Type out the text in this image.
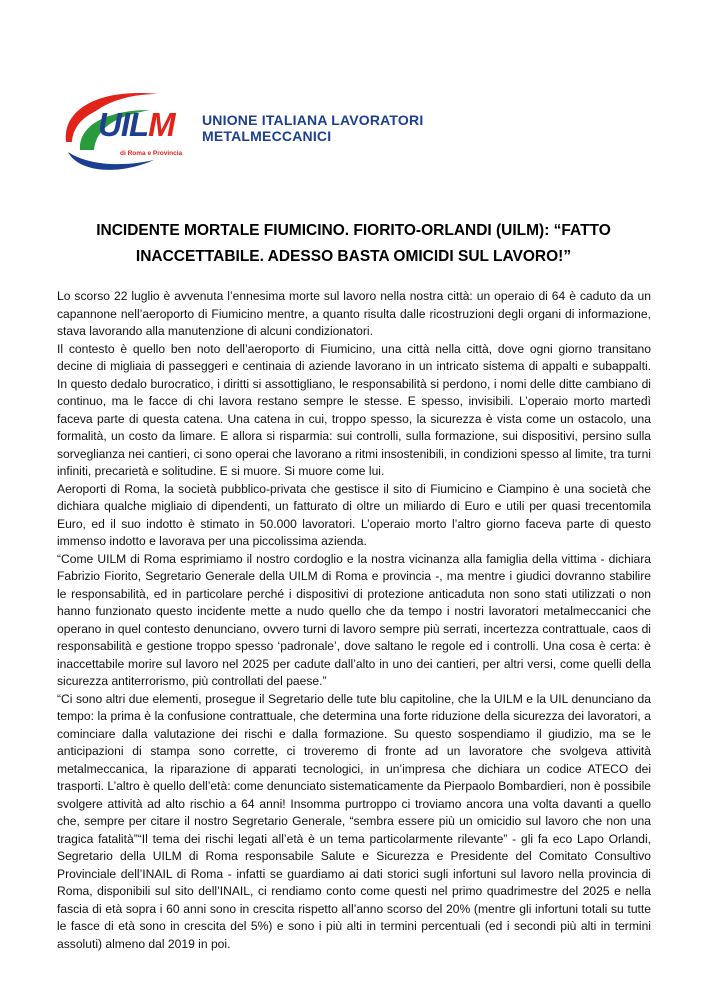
UILM
di Roma e Provincia
UNIONE ITALIANA LAVORATORI
METALMECCANICI
INCIDENTE MORTALE FIUMICINO. FIORITO-ORLANDI (UILM): “FATTO
INACCETTABILE. ADESSO BASTA OMICIDI SUL LAVORO!”

Lo scorso 22 luglio è avvenuta l’ennesima morte sul lavoro nella nostra città: un operaio di 64 è caduto da un capannone nell’aeroporto di Fiumicino mentre, a quanto risulta dalle ricostruzioni degli organi di informazione, stava lavorando alla manutenzione di alcuni condizionatori.

Il contesto è quello ben noto dell’aeroporto di Fiumicino, una città nella città, dove ogni giorno transitano decine di migliaia di passeggeri e centinaia di aziende lavorano in un intricato sistema di appalti e subappalti. In questo dedalo burocratico, i diritti si assottigliano, le responsabilità si perdono, i nomi delle ditte cambiano di continuo, ma le facce di chi lavora restano sempre le stesse. E spesso, invisibili. L’operaio morto martedì faceva parte di questa catena. Una catena in cui, troppo spesso, la sicurezza è vista come un ostacolo, una formalità, un costo da limare. E allora si risparmia: sui controlli, sulla formazione, sui dispositivi, persino sulla sorveglianza nei cantieri, ci sono operai che lavorano a ritmi insostenibili, in condizioni spesso al limite, tra turni infiniti, precarietà e solitudine. E si muore. Si muore come lui.

Aeroporti di Roma, la società pubblico-privata che gestisce il sito di Fiumicino e Ciampino è una società che dichiara qualche migliaio di dipendenti, un fatturato di oltre un miliardo di Euro e utili per quasi trecentomila Euro, ed il suo indotto è stimato in 50.000 lavoratori. L’operaio morto l’altro giorno faceva parte di questo immenso indotto e lavorava per una piccolissima azienda.

“Come UILM di Roma esprimiamo il nostro cordoglio e la nostra vicinanza alla famiglia della vittima - dichiara Fabrizio Fiorito, Segretario Generale della UILM di Roma e provincia -, ma mentre i giudici dovranno stabilire le responsabilità, ed in particolare perché i dispositivi di protezione anticaduta non sono stati utilizzati o non hanno funzionato questo incidente mette a nudo quello che da tempo i nostri lavoratori metalmeccanici che operano in quel contesto denunciano, ovvero turni di lavoro sempre più serrati, incertezza contrattuale, caos di responsabilità e gestione troppo spesso ‘padronale’, dove saltano le regole ed i controlli. Una cosa è certa: è inaccettabile morire sul lavoro nel 2025 per cadute dall’alto in uno dei cantieri, per altri versi, come quelli della sicurezza antiterrorismo, più controllati del paese.”

“Ci sono altri due elementi, prosegue il Segretario delle tute blu capitoline, che la UILM e la UIL denunciano da tempo: la prima è la confusione contrattuale, che determina una forte riduzione della sicurezza dei lavoratori, a cominciare dalla valutazione dei rischi e dalla formazione. Su questo sospendiamo il giudizio, ma se le anticipazioni di stampa sono corrette, ci troveremo di fronte ad un lavoratore che svolgeva attività metalmeccanica, la riparazione di apparati tecnologici, in un’impresa che dichiara un codice ATECO dei trasporti. L’altro è quello dell’età: come denunciato sistematicamente da Pierpaolo Bombardieri, non è possibile svolgere attività ad alto rischio a 64 anni! Insomma purtroppo ci troviamo ancora una volta davanti a quello che, sempre per citare il nostro Segretario Generale, “sembra essere più un omicidio sul lavoro che non una tragica fatalità”“Il tema dei rischi legati all’età è un tema particolarmente rilevante” - gli fa eco Lapo Orlandi, Segretario della UILM di Roma responsabile Salute e Sicurezza e Presidente del Comitato Consultivo Provinciale dell’INAIL di Roma - infatti se guardiamo ai dati storici sugli infortuni sul lavoro nella provincia di Roma, disponibili sul sito dell’INAIL, ci rendiamo conto come questi nel primo quadrimestre del 2025 e nella fascia di età sopra i 60 anni sono in crescita rispetto all’anno scorso del 20% (mentre gli infortuni totali su tutte le fasce di età sono in crescita del 5%) e sono i più alti in termini percentuali (ed i secondi più alti in termini assoluti) almeno dal 2019 in poi.
